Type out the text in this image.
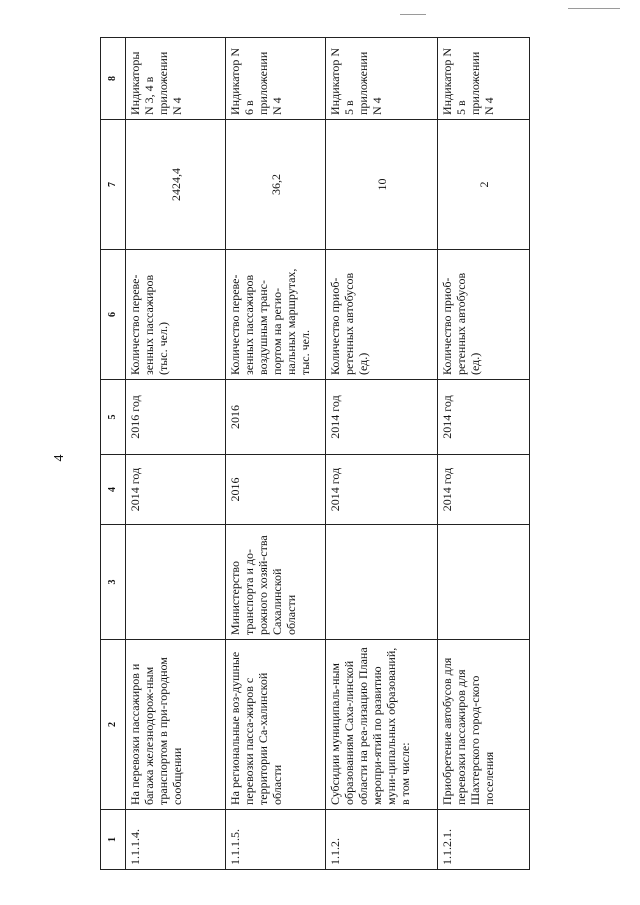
4
1	2	3	4	5	6	7	8
1.1.1.4.	На перевозки пассажиров и багажа железнодорож-ным транспортом в при-городном сообщении		2014 год	2016 год	Количество переве-зенных пассажиров (тыс. чел.)	2424,4	Индикаторы N 3, 4 в приложении N 4
1.1.1.5.	На региональные воз-душные перевозки пасса-жиров с территории Са-халинской области	Министерство транспорта и до-рожного хозяй-ства Сахалинской области	2016	2016	Количество переве-зенных пассажиров воздушным транс-портом на регио-нальных маршрутах, тыс. чел.	36,2	Индикатор N 6 в приложении N 4
1.1.2.	Субсидии муниципаль-ным образованиям Саха-линской области на реа-лизацию Плана меропри-ятий по развитию муни-ципальных образований, в том числе:		2014 год	2014 год	Количество приоб-ретенных автобусов (ед.)	10	Индикатор N 5 в приложении N 4
1.1.2.1.	Приобретение автобусов для перевозки пассажиров для Шахтерского город-ского поселения		2014 год	2014 год	Количество приоб-ретенных автобусов (ед.)	2	Индикатор N 5 в приложении N 4
